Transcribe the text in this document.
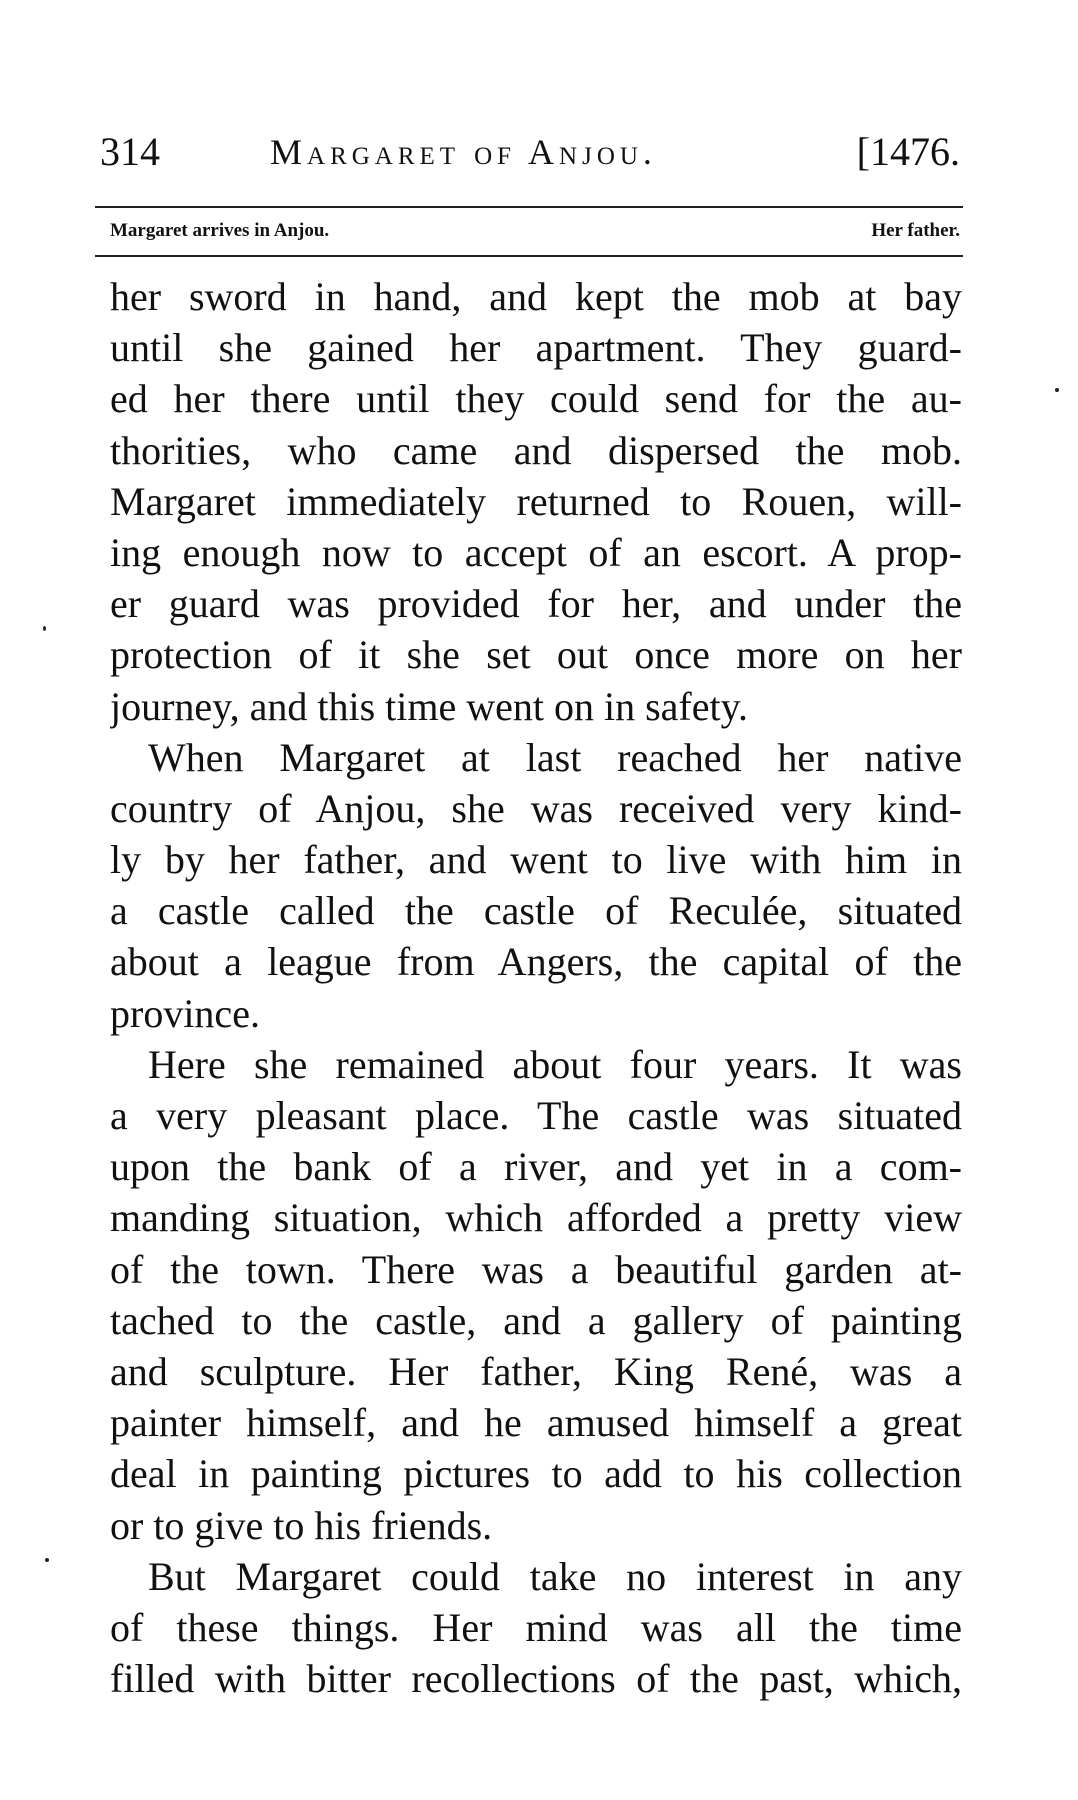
314	Margaret of Anjou.	[1476.
Margaret arrives in Anjou.	Her father.
her sword in hand, and kept the mob at bay
until she gained her apartment. They guard-
ed her there until they could send for the au-
thorities, who came and dispersed the mob.
Margaret immediately returned to Rouen, will-
ing enough now to accept of an escort. A prop-
er guard was provided for her, and under the
protection of it she set out once more on her
journey, and this time went on in safety.
When Margaret at last reached her native
country of Anjou, she was received very kind-
ly by her father, and went to live with him in
a castle called the castle of Reculée, situated
about a league from Angers, the capital of the
province.
Here she remained about four years. It was
a very pleasant place. The castle was situated
upon the bank of a river, and yet in a com-
manding situation, which afforded a pretty view
of the town. There was a beautiful garden at-
tached to the castle, and a gallery of painting
and sculpture. Her father, King René, was a
painter himself, and he amused himself a great
deal in painting pictures to add to his collection
or to give to his friends.
But Margaret could take no interest in any
of these things. Her mind was all the time
filled with bitter recollections of the past, which,
